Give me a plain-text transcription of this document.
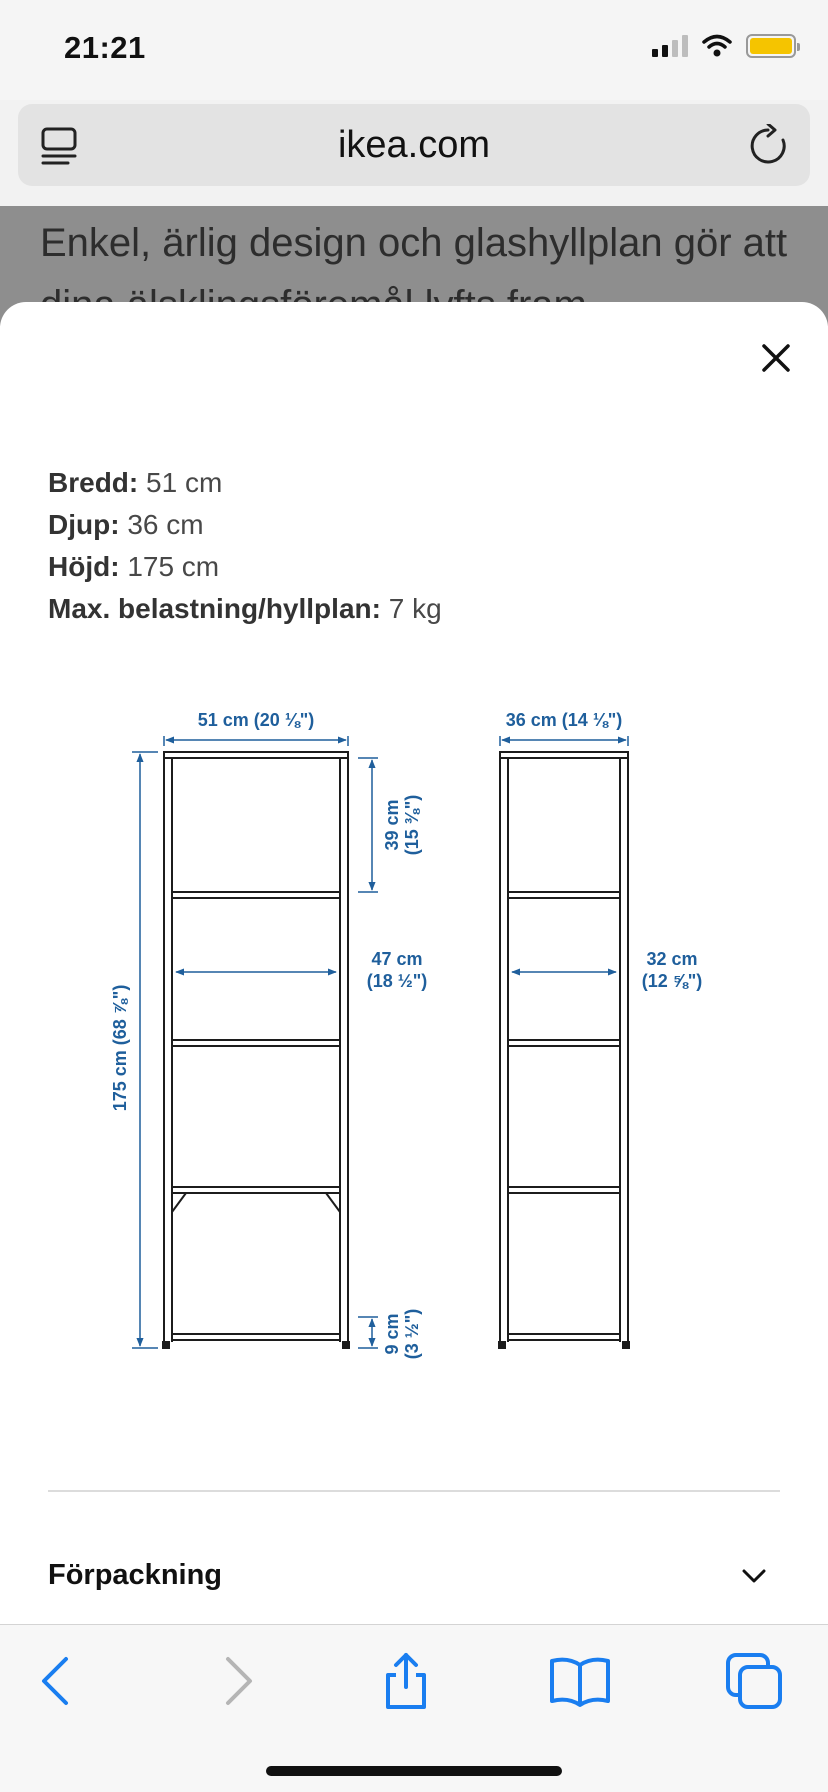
21:21
ikea.com
Enkel, ärlig design och glashyllplan gör att
Bredd: 51 cm
Djup: 36 cm
Höjd: 175 cm
Max. belastning/hyllplan: 7 kg
51 cm (20 ⅛")	36 cm (14 ⅛")
175 cm (68 ⅞")
39 cm (15 ⅜")
47 cm
(18 ½")
32 cm
(12 ⅝")
9 cm (3 ½")
Förpackning
